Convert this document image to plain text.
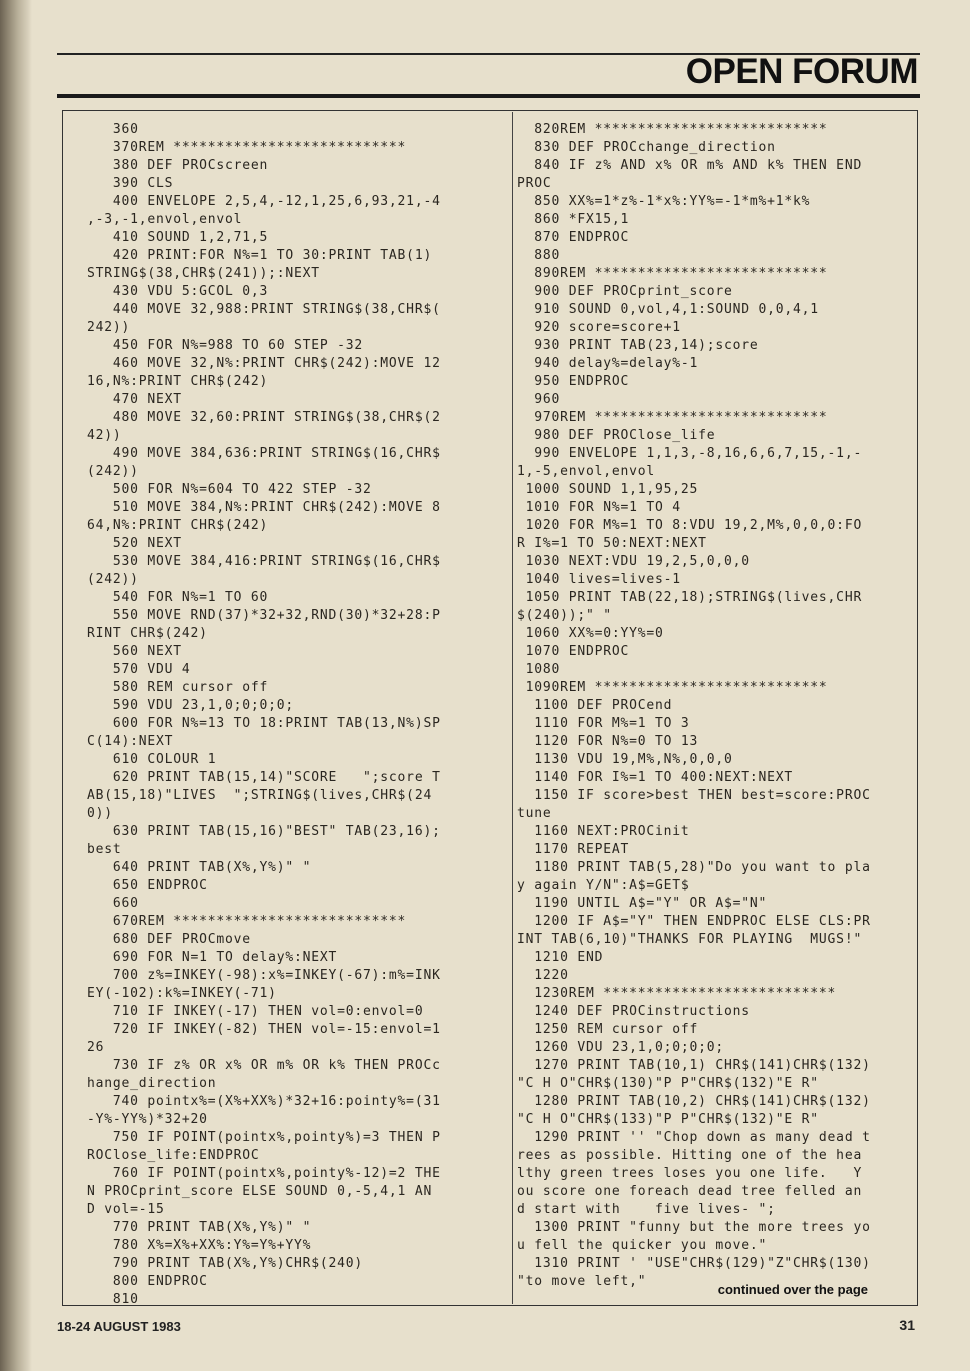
OPEN FORUM
360
370REM ***************************
380 DEF PROCscreen
390 CLS
400 ENVELOPE 2,5,4,-12,1,25,6,93,21,-4
,-3,-1,envol,envol
410 SOUND 1,2,71,5
420 PRINT:FOR N%=1 TO 30:PRINT TAB(1)
STRING$(38,CHR$(241));:NEXT
430 VDU 5:GCOL 0,3
440 MOVE 32,988:PRINT STRING$(38,CHR$(
242))
450 FOR N%=988 TO 60 STEP -32
460 MOVE 32,N%:PRINT CHR$(242):MOVE 12
16,N%:PRINT CHR$(242)
470 NEXT
480 MOVE 32,60:PRINT STRING$(38,CHR$(2
42))
490 MOVE 384,636:PRINT STRING$(16,CHR$
(242))
500 FOR N%=604 TO 422 STEP -32
510 MOVE 384,N%:PRINT CHR$(242):MOVE 8
64,N%:PRINT CHR$(242)
520 NEXT
530 MOVE 384,416:PRINT STRING$(16,CHR$
(242))
540 FOR N%=1 TO 60
550 MOVE RND(37)*32+32,RND(30)*32+28:P
RINT CHR$(242)
560 NEXT
570 VDU 4
580 REM cursor off
590 VDU 23,1,0;0;0;0;
600 FOR N%=13 TO 18:PRINT TAB(13,N%)SP
C(14):NEXT
610 COLOUR 1
620 PRINT TAB(15,14)"SCORE   ";score T
AB(15,18)"LIVES  ";STRING$(lives,CHR$(24
0))
630 PRINT TAB(15,16)"BEST" TAB(23,16);
best
640 PRINT TAB(X%,Y%)" "
650 ENDPROC
660
670REM ***************************
680 DEF PROCmove
690 FOR N=1 TO delay%:NEXT
700 z%=INKEY(-98):x%=INKEY(-67):m%=INK
EY(-102):k%=INKEY(-71)
710 IF INKEY(-17) THEN vol=0:envol=0
720 IF INKEY(-82) THEN vol=-15:envol=1
26
730 IF z% OR x% OR m% OR k% THEN PROCc
hange_direction
740 pointx%=(X%+XX%)*32+16:pointy%=(31
-Y%-YY%)*32+20
750 IF POINT(pointx%,pointy%)=3 THEN P
ROClose_life:ENDPROC
760 IF POINT(pointx%,pointy%-12)=2 THE
N PROCprint_score ELSE SOUND 0,-5,4,1 AN
D vol=-15
770 PRINT TAB(X%,Y%)" "
780 X%=X%+XX%:Y%=Y%+YY%
790 PRINT TAB(X%,Y%)CHR$(240)
800 ENDPROC
810
820REM ***************************
830 DEF PROCchange_direction
840 IF z% AND x% OR m% AND k% THEN END
PROC
850 XX%=1*z%-1*x%:YY%=-1*m%+1*k%
860 *FX15,1
870 ENDPROC
880
890REM ***************************
900 DEF PROCprint_score
910 SOUND 0,vol,4,1:SOUND 0,0,4,1
920 score=score+1
930 PRINT TAB(23,14);score
940 delay%=delay%-1
950 ENDPROC
960
970REM ***************************
980 DEF PROClose_life
990 ENVELOPE 1,1,3,-8,16,6,6,7,15,-1,-
1,-5,envol,envol
1000 SOUND 1,1,95,25
1010 FOR N%=1 TO 4
1020 FOR M%=1 TO 8:VDU 19,2,M%,0,0,0:FO
R I%=1 TO 50:NEXT:NEXT
1030 NEXT:VDU 19,2,5,0,0,0
1040 lives=lives-1
1050 PRINT TAB(22,18);STRING$(lives,CHR
$(240));" "
1060 XX%=0:YY%=0
1070 ENDPROC
1080
1090REM ***************************
1100 DEF PROCend
1110 FOR M%=1 TO 3
1120 FOR N%=0 TO 13
1130 VDU 19,M%,N%,0,0,0
1140 FOR I%=1 TO 400:NEXT:NEXT
1150 IF score>best THEN best=score:PROC
tune
1160 NEXT:PROCinit
1170 REPEAT
1180 PRINT TAB(5,28)"Do you want to pla
y again Y/N":A$=GET$
1190 UNTIL A$="Y" OR A$="N"
1200 IF A$="Y" THEN ENDPROC ELSE CLS:PR
INT TAB(6,10)"THANKS FOR PLAYING  MUGS!"
1210 END
1220
1230REM ***************************
1240 DEF PROCinstructions
1250 REM cursor off
1260 VDU 23,1,0;0;0;0;
1270 PRINT TAB(10,1) CHR$(141)CHR$(132)
"C H O"CHR$(130)"P P"CHR$(132)"E R"
1280 PRINT TAB(10,2) CHR$(141)CHR$(132)
"C H O"CHR$(133)"P P"CHR$(132)"E R"
1290 PRINT '' "Chop down as many dead t
rees as possible. Hitting one of the hea
lthy green trees loses you one life.   Y
ou score one foreach dead tree felled an
d start with    five lives- ";
1300 PRINT "funny but the more trees yo
u fell the quicker you move."
1310 PRINT ' "USE"CHR$(129)"Z"CHR$(130)
"to move left,"
continued over the page
18-24 AUGUST 1983	31
